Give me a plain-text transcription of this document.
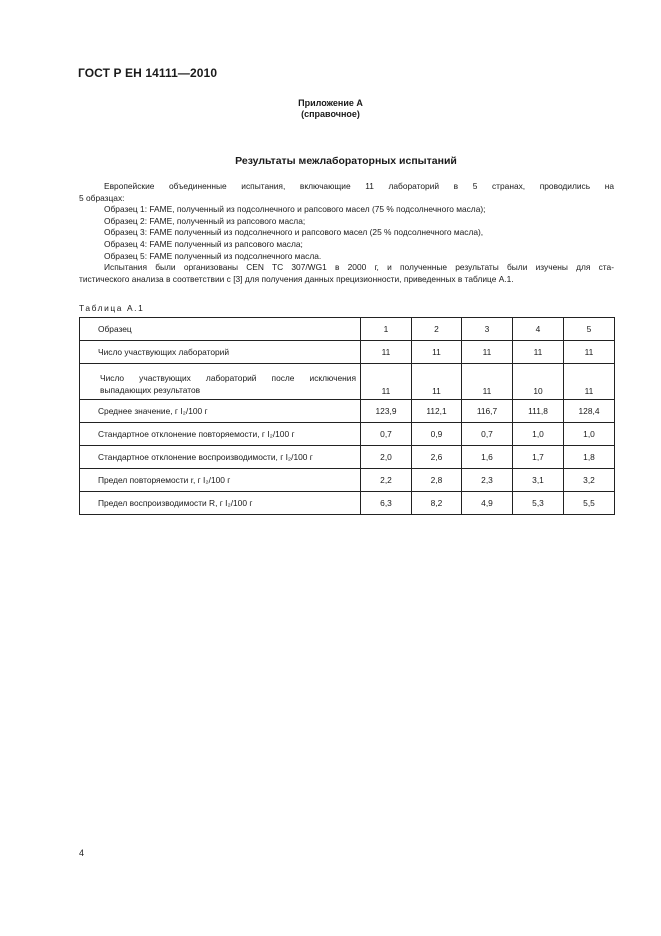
ГОСТ Р ЕН 14111—2010
Приложение А
(справочное)
Результаты межлабораторных испытаний

Европейские объединенные испытания, включающие 11 лабораторий в 5 странах, проводились на

5 образцах:

Образец 1: FAME, полученный из подсолнечного и рапсового масел (75 % подсолнечного масла);

Образец 2: FAME, полученный из рапсового масла;

Образец 3: FAME полученный из подсолнечного и рапсового масел (25 % подсолнечного масла),

Образец 4: FAME полученный из рапсового масла;

Образец 5: FAME полученный из подсолнечного масла.

Испытания были организованы CEN TC 307/WG1 в 2000 г, и полученные результаты были изучены для ста-

тистического анализа в соответствии с [3] для получения данных прецизионности, приведенных в таблице А.1.

Таблица А.1
Образец	1	2	3	4	5
Число участвующих лабораторий	11	11	11	11	11
Число участвующих лабораторий после исключения выпадающих результатов	11	11	11	10	11
Среднее значение, г I₂/100 г	123,9	112,1	116,7	111,8	128,4
Стандартное отклонение повторяемости, г I₂/100 г	0,7	0,9	0,7	1,0	1,0
Стандартное отклонение воспроизводимости, г I₂/100 г	2,0	2,6	1,6	1,7	1,8
Предел повторяемости r, г I₂/100 г	2,2	2,8	2,3	3,1	3,2
Предел воспроизводимости R, г I₂/100 г	6,3	8,2	4,9	5,3	5,5
4
